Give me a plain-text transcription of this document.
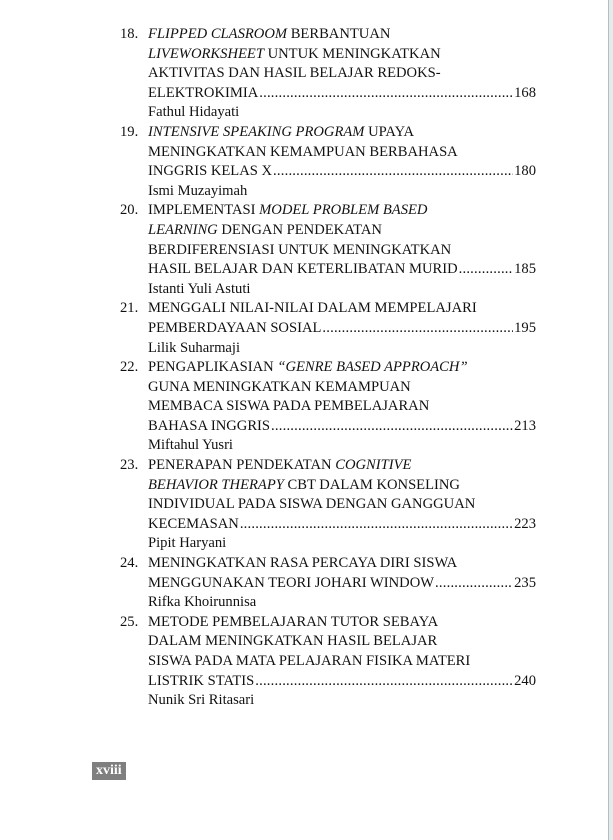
18. FLIPPED CLASROOM BERBANTUAN
LIVEWORKSHEET UNTUK MENINGKATKAN
AKTIVITAS DAN HASIL BELAJAR REDOKS-
ELEKTROKIMIA .....	168
Fathul Hidayati
19. INTENSIVE SPEAKING PROGRAM UPAYA
MENINGKATKAN KEMAMPUAN BERBAHASA
INGGRIS KELAS X .....	180
Ismi Muzayimah
20. IMPLEMENTASI MODEL PROBLEM BASED
LEARNING DENGAN PENDEKATAN
BERDIFERENSIASI UNTUK MENINGKATKAN
HASIL BELAJAR DAN KETERLIBATAN MURID .....	185
Istanti Yuli Astuti
21. MENGGALI NILAI-NILAI DALAM MEMPELAJARI
PEMBERDAYAAN SOSIAL .....	195
Lilik Suharmaji
22. PENGAPLIKASIAN “GENRE BASED APPROACH”
GUNA MENINGKATKAN KEMAMPUAN
MEMBACA SISWA PADA PEMBELAJARAN
BAHASA INGGRIS .....	213
Miftahul Yusri
23. PENERAPAN PENDEKATAN COGNITIVE
BEHAVIOR THERAPY CBT DALAM KONSELING
INDIVIDUAL PADA SISWA DENGAN GANGGUAN
KECEMASAN .....	223
Pipit Haryani
24. MENINGKATKAN RASA PERCAYA DIRI SISWA
MENGGUNAKAN TEORI JOHARI WINDOW .....	235
Rifka Khoirunnisa
25. METODE PEMBELAJARAN TUTOR SEBAYA
DALAM MENINGKATKAN HASIL BELAJAR
SISWA PADA MATA PELAJARAN FISIKA MATERI
LISTRIK STATIS .....	240
Nunik Sri Ritasari
xviii
